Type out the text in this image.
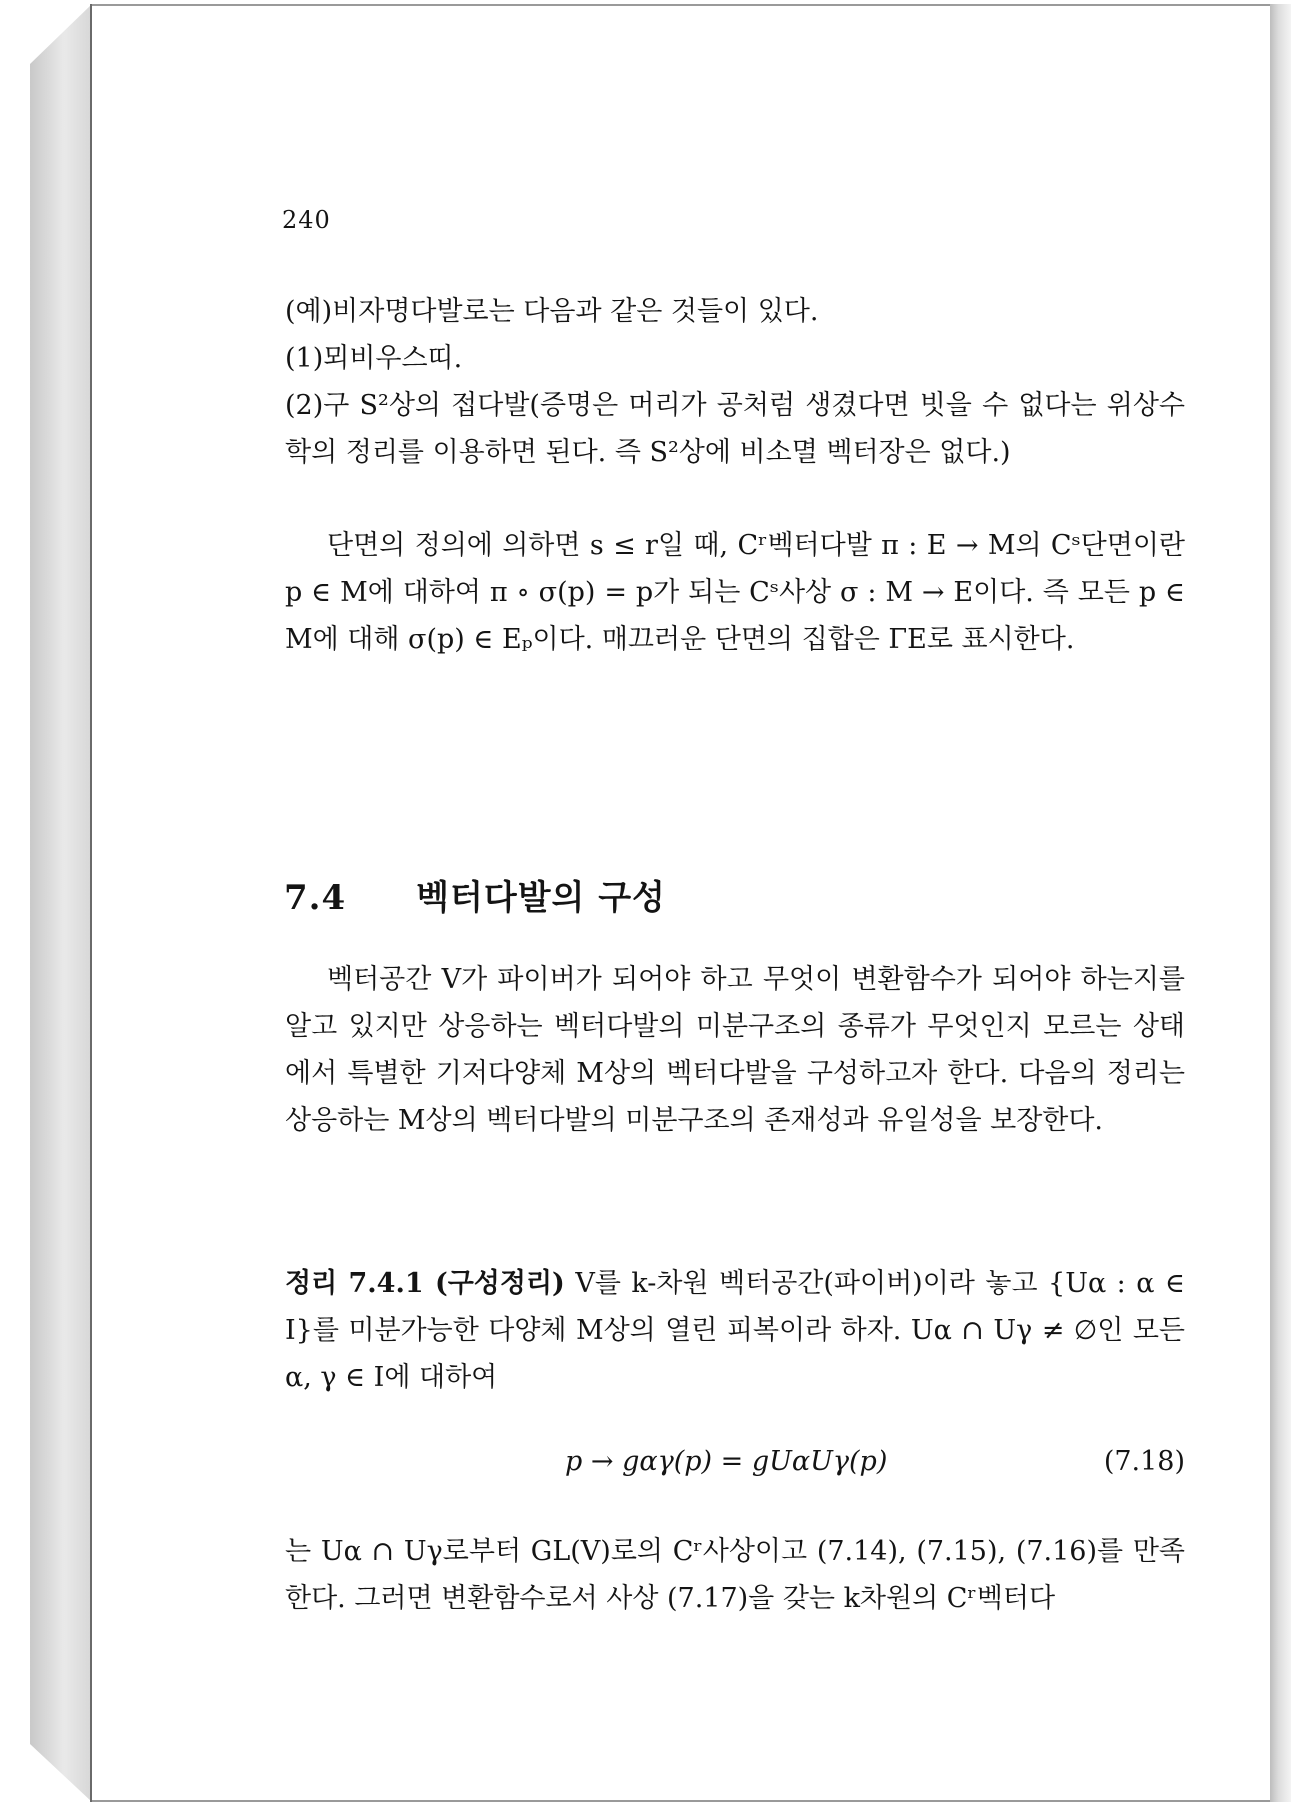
240

(예)비자명다발로는 다음과 같은 것들이 있다.

(1)뫼비우스띠.

(2)구 S²상의 접다발(증명은 머리가 공처럼 생겼다면 빗을 수 없다는 위상수학의 정리를 이용하면 된다. 즉 S²상에 비소멸 벡터장은 없다.)

단면의 정의에 의하면 s ≤ r일 때, Cʳ벡터다발 π : E → M의 Cˢ단면이란 p ∈ M에 대하여 π ∘ σ(p) = p가 되는 Cˢ사상 σ : M → E이다. 즉 모든 p ∈ M에 대해 σ(p) ∈ Eₚ이다. 매끄러운 단면의 집합은 ΓE로 표시한다.

7.4 벡터다발의 구성

벡터공간 V가 파이버가 되어야 하고 무엇이 변환함수가 되어야 하는지를 알고 있지만 상응하는 벡터다발의 미분구조의 종류가 무엇인지 모르는 상태에서 특별한 기저다양체 M상의 벡터다발을 구성하고자 한다. 다음의 정리는 상응하는 M상의 벡터다발의 미분구조의 존재성과 유일성을 보장한다.

정리 7.4.1 (구성정리) V를 k-차원 벡터공간(파이버)이라 놓고 {Uα : α ∈ I}를 미분가능한 다양체 M상의 열린 피복이라 하자. Uα ∩ Uγ ≠ ∅인 모든 α, γ ∈ I에 대하여

p → gαγ(p) = gUαUγ(p)	(7.18)

는 Uα ∩ Uγ로부터 GL(V)로의 Cʳ사상이고 (7.14), (7.15), (7.16)를 만족한다. 그러면 변환함수로서 사상 (7.17)을 갖는 k차원의 Cʳ벡터다
